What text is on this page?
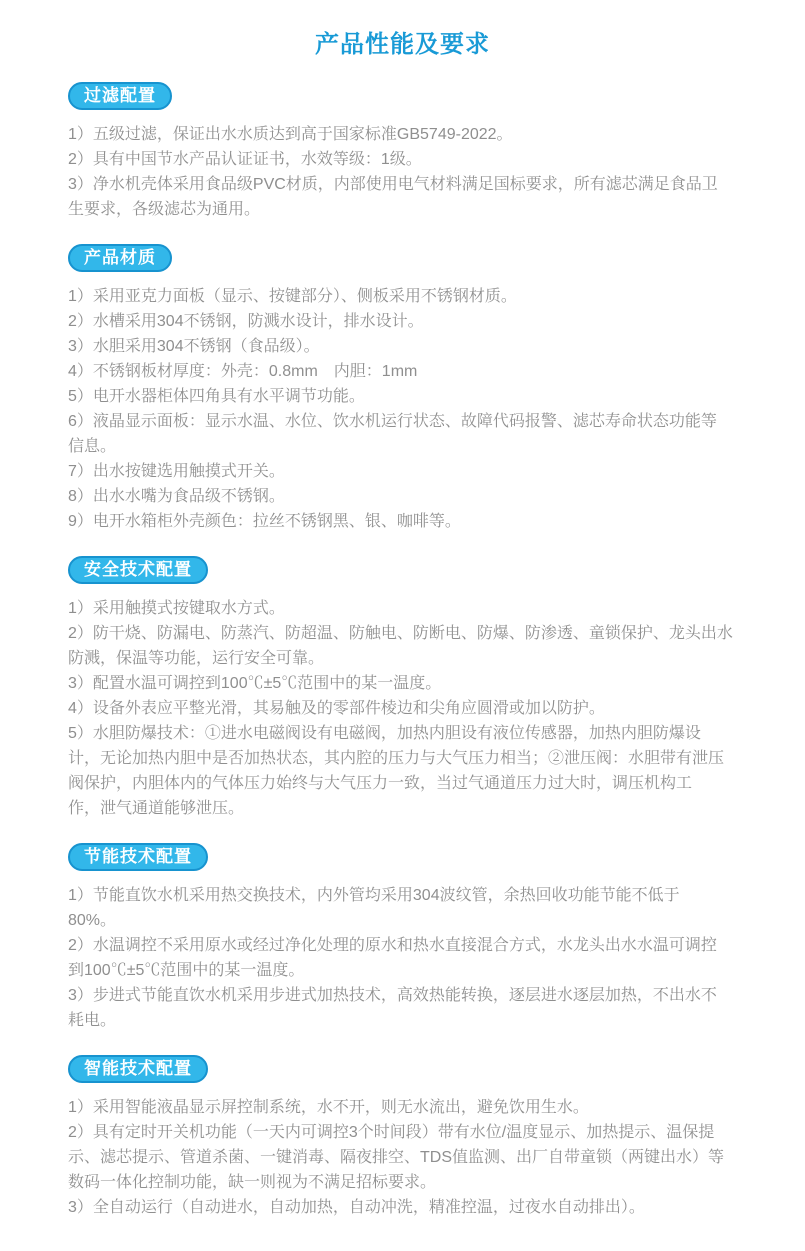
产品性能及要求
过滤配置
1）五级过滤，保证出水水质达到高于国家标准GB5749-2022。
2）具有中国节水产品认证证书，水效等级：1级。
3）净水机壳体采用食品级PVC材质，内部使用电气材料满足国标要求，所有滤芯满足食品卫
生要求，各级滤芯为通用。
产品材质
1）采用亚克力面板（显示、按键部分）、侧板采用不锈钢材质。
2）水槽采用304不锈钢，防溅水设计，排水设计。
3）水胆采用304不锈钢（食品级）。
4）不锈钢板材厚度：外壳：0.8mm　内胆：1mm
5）电开水器柜体四角具有水平调节功能。
6）液晶显示面板：显示水温、水位、饮水机运行状态、故障代码报警、滤芯寿命状态功能等
信息。
7）出水按键选用触摸式开关。
8）出水水嘴为食品级不锈钢。
9）电开水箱柜外壳颜色：拉丝不锈钢黑、银、咖啡等。
安全技术配置
1）采用触摸式按键取水方式。
2）防干烧、防漏电、防蒸汽、防超温、防触电、防断电、防爆、防渗透、童锁保护、龙头出水
防溅，保温等功能，运行安全可靠。
3）配置水温可调控到100℃±5℃范围中的某一温度。
4）设备外表应平整光滑，其易触及的零部件棱边和尖角应圆滑或加以防护。
5）水胆防爆技术：①进水电磁阀设有电磁阀，加热内胆设有液位传感器，加热内胆防爆设
计，无论加热内胆中是否加热状态，其内腔的压力与大气压力相当；②泄压阀：水胆带有泄压
阀保护，内胆体内的气体压力始终与大气压力一致，当过气通道压力过大时，调压机构工
作，泄气通道能够泄压。
节能技术配置
1）节能直饮水机采用热交换技术，内外管均采用304波纹管，余热回收功能节能不低于
80%。
2）水温调控不采用原水或经过净化处理的原水和热水直接混合方式，水龙头出水水温可调控
到100℃±5℃范围中的某一温度。
3）步进式节能直饮水机采用步进式加热技术，高效热能转换，逐层进水逐层加热，不出水不
耗电。
智能技术配置
1）采用智能液晶显示屏控制系统，水不开，则无水流出，避免饮用生水。
2）具有定时开关机功能（一天内可调控3个时间段）带有水位/温度显示、加热提示、温保提
示、滤芯提示、管道杀菌、一键消毒、隔夜排空、TDS值监测、出厂自带童锁（两键出水）等
数码一体化控制功能，缺一则视为不满足招标要求。
3）全自动运行（自动进水，自动加热，自动冲洗，精准控温，过夜水自动排出）。
